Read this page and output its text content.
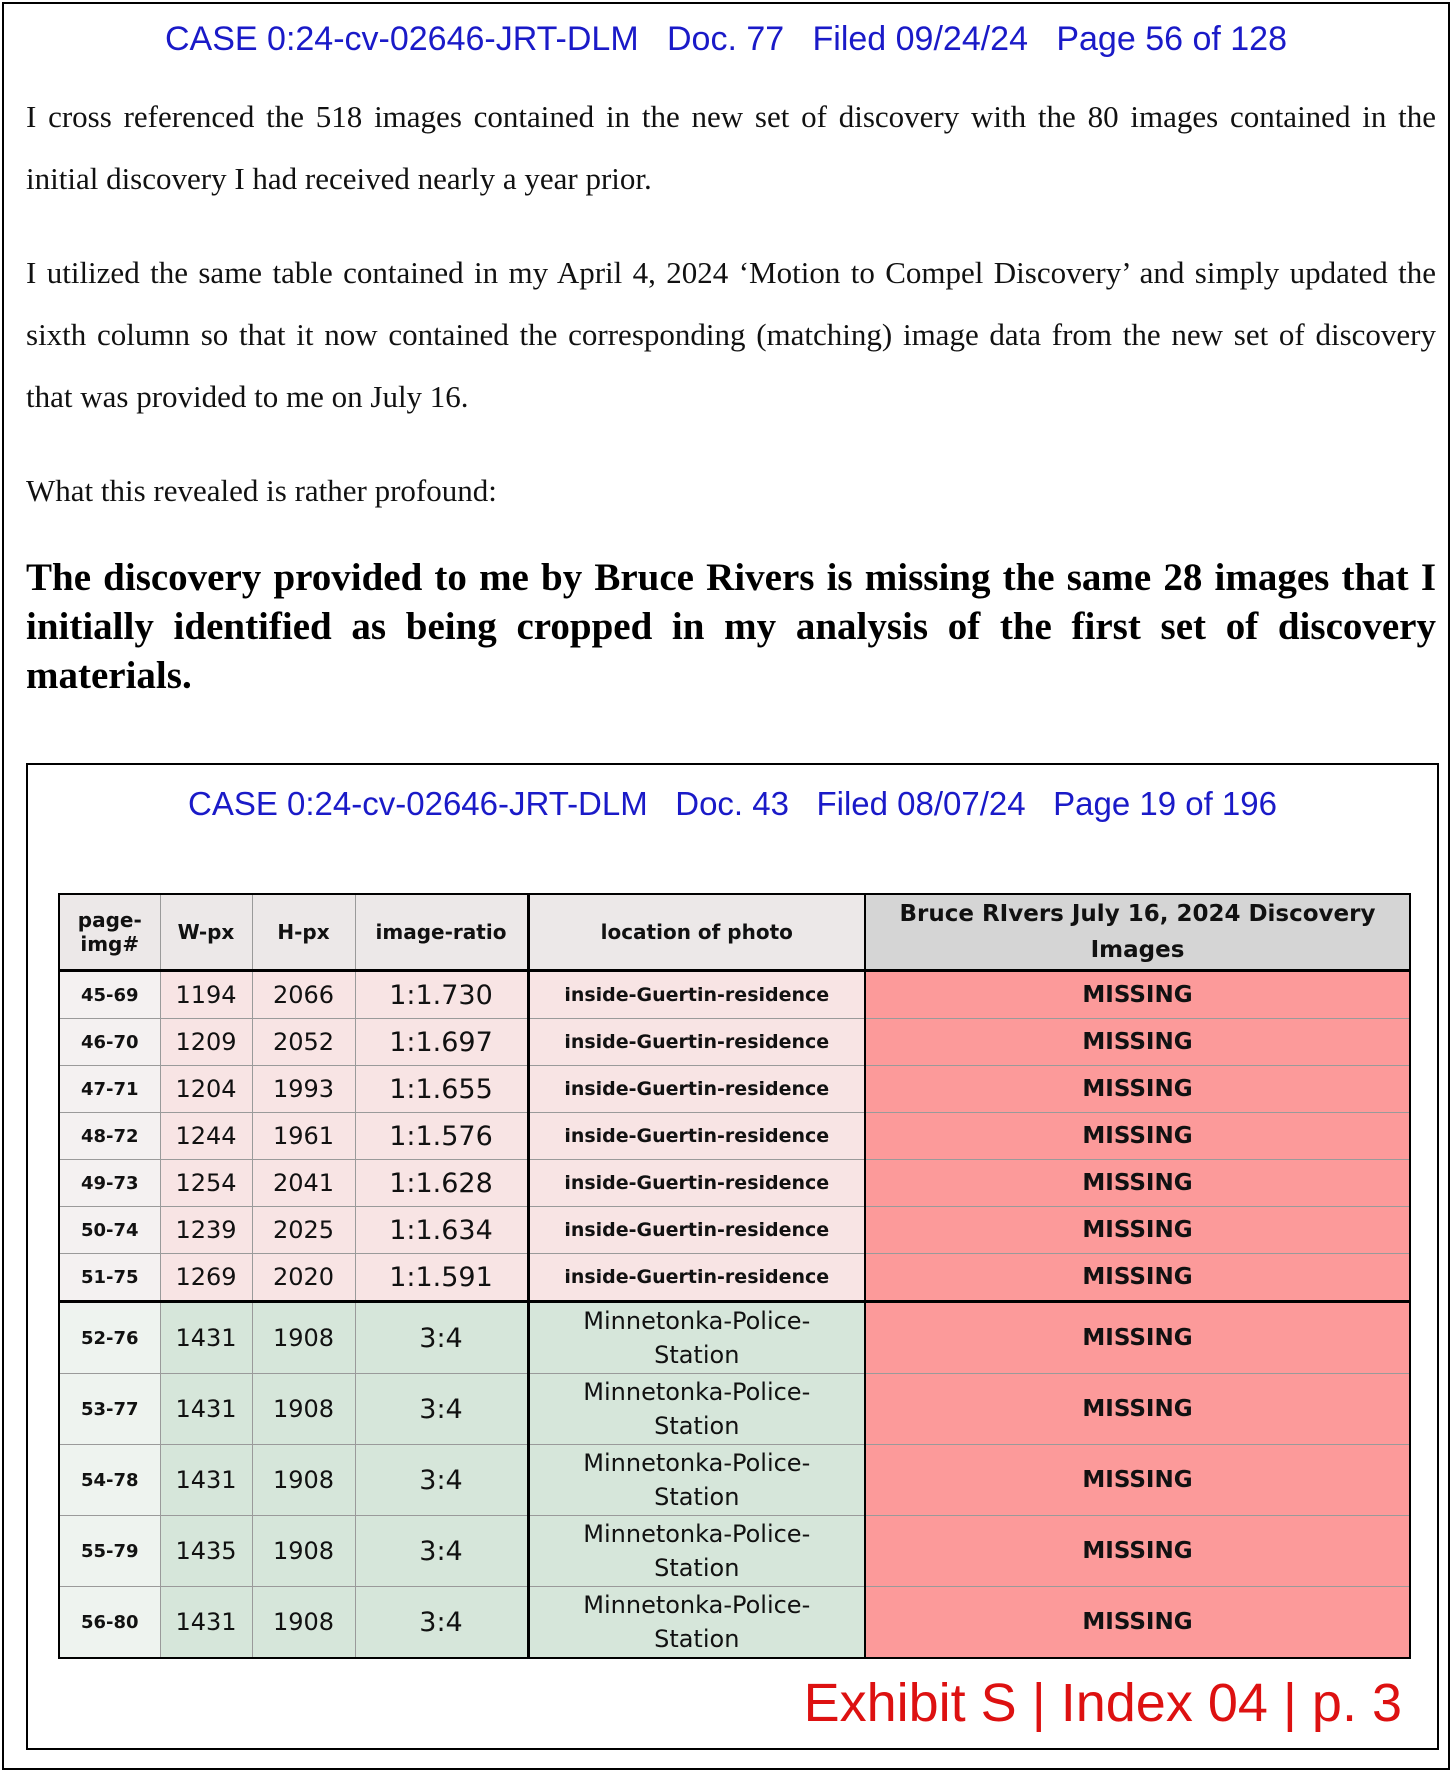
CASE 0:24-cv-02646-JRT-DLM   Doc. 77   Filed 09/24/24   Page 56 of 128

I cross referenced the 518 images contained in the new set of discovery with the 80 images contained in the initial discovery I had received nearly a year prior.

I utilized the same table contained in my April 4, 2024 ‘Motion to Compel Discovery’ and simply updated the sixth column so that it now contained the corresponding (matching) image data from the new set of discovery that was provided to me on July 16.

What this revealed is rather profound:

The discovery provided to me by Bruce Rivers is missing the same 28 images that I initially identified as being cropped in my analysis of the first set of discovery materials.

CASE 0:24-cv-02646-JRT-DLM   Doc. 43   Filed 08/07/24   Page 19 of 196
page-img#	W-px	H-px	image-ratio	location of photo	Bruce RIvers July 16, 2024 Discovery Images
45-69	1194	2066	1:1.730	inside-Guertin-residence	MISSING
46-70	1209	2052	1:1.697	inside-Guertin-residence	MISSING
47-71	1204	1993	1:1.655	inside-Guertin-residence	MISSING
48-72	1244	1961	1:1.576	inside-Guertin-residence	MISSING
49-73	1254	2041	1:1.628	inside-Guertin-residence	MISSING
50-74	1239	2025	1:1.634	inside-Guertin-residence	MISSING
51-75	1269	2020	1:1.591	inside-Guertin-residence	MISSING
52-76	1431	1908	3:4	Minnetonka-Police-
Station	MISSING
53-77	1431	1908	3:4	Minnetonka-Police-
Station	MISSING
54-78	1431	1908	3:4	Minnetonka-Police-
Station	MISSING
55-79	1435	1908	3:4	Minnetonka-Police-
Station	MISSING
56-80	1431	1908	3:4	Minnetonka-Police-
Station	MISSING
Exhibit S | Index 04 | p. 3
